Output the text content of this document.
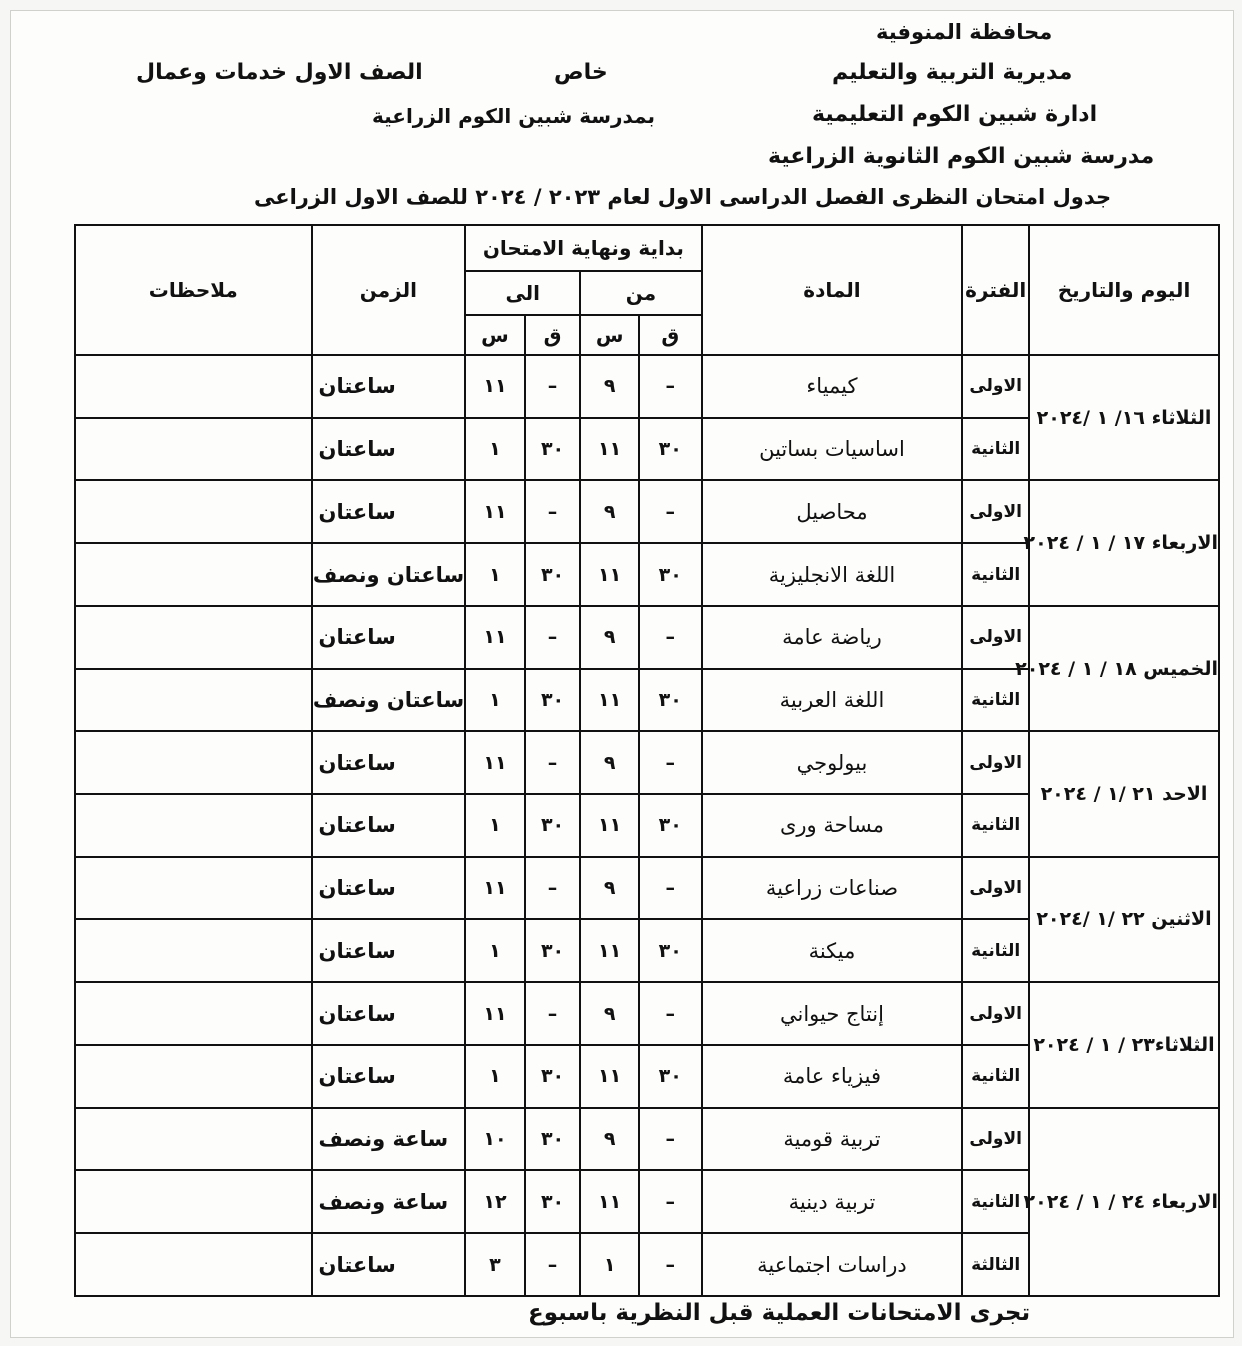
محافظة المنوفية
مديرية التربية والتعليم
ادارة شبين الكوم التعليمية
مدرسة شبين الكوم الثانوية الزراعية
خاص
الصف الاول خدمات وعمال
بمدرسة شبين الكوم الزراعية
جدول امتحان النظرى الفصل الدراسى الاول لعام ٢٠٢٣ / ٢٠٢٤ للصف الاول الزراعى
اليوم والتاريخ	الفترة	المادة	بداية ونهاية الامتحان				الزمن	ملاحظات
			من		الى			
			ق	س	ق	س		
الثلاثاء ١٦/ ١ /٢٠٢٤	الاولى	كيمياء	–	٩	–	١١	ساعتان	
	الثانية	اساسيات بساتين	٣٠	١١	٣٠	١	ساعتان	
الاربعاء ١٧ / ١ / ٢٠٢٤	الاولى	محاصيل	–	٩	–	١١	ساعتان	
	الثانية	اللغة الانجليزية	٣٠	١١	٣٠	١	ساعتان ونصف	
الخميس ١٨ / ١ / ٢٠٢٤	الاولى	رياضة عامة	–	٩	–	١١	ساعتان	
	الثانية	اللغة العربية	٣٠	١١	٣٠	١	ساعتان ونصف	
الاحد ٢١ /١ / ٢٠٢٤	الاولى	بيولوجي	–	٩	–	١١	ساعتان	
	الثانية	مساحة ورى	٣٠	١١	٣٠	١	ساعتان	
الاثنين ٢٢ /١ /٢٠٢٤	الاولى	صناعات زراعية	–	٩	–	١١	ساعتان	
	الثانية	ميكنة	٣٠	١١	٣٠	١	ساعتان	
الثلاثاء٢٣ / ١ / ٢٠٢٤	الاولى	إنتاج حيواني	–	٩	–	١١	ساعتان	
	الثانية	فيزياء عامة	٣٠	١١	٣٠	١	ساعتان	
الاربعاء ٢٤ / ١ / ٢٠٢٤	الاولى	تربية قومية	–	٩	٣٠	١٠	ساعة ونصف	
	الثانية	تربية دينية	–	١١	٣٠	١٢	ساعة ونصف	
	الثالثة	دراسات اجتماعية	–	١	–	٣	ساعتان	
تجرى الامتحانات العملية قبل النظرية باسبوع
